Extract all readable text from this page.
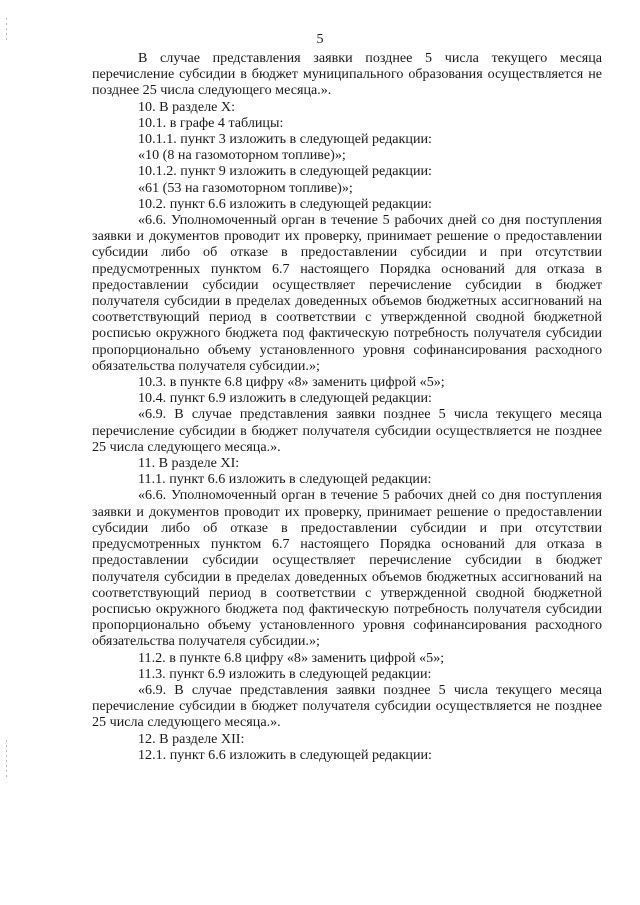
5

В случае представления заявки позднее 5 числа текущего месяца перечисление субсидии в бюджет муниципального образования осуществляется не позднее 25 числа следующего месяца.».

10. В разделе X:

10.1. в графе 4 таблицы:

10.1.1. пункт 3 изложить в следующей редакции:

«10 (8 на газомоторном топливе)»;

10.1.2. пункт 9 изложить в следующей редакции:

«61 (53 на газомоторном топливе)»;

10.2. пункт 6.6 изложить в следующей редакции:

«6.6. Уполномоченный орган в течение 5 рабочих дней со дня поступления заявки и документов проводит их проверку, принимает решение о предоставлении субсидии либо об отказе в предоставлении субсидии и при отсутствии предусмотренных пунктом 6.7 настоящего Порядка оснований для отказа в предоставлении субсидии осуществляет перечисление субсидии в бюджет получателя субсидии в пределах доведенных объемов бюджетных ассигнований на соответствующий период в соответствии с утвержденной сводной бюджетной росписью окружного бюджета под фактическую потребность получателя субсидии пропорционально объему установленного уровня софинансирования расходного обязательства получателя субсидии.»;

10.3. в пункте 6.8 цифру «8» заменить цифрой «5»;

10.4. пункт 6.9 изложить в следующей редакции:

«6.9. В случае представления заявки позднее 5 числа текущего месяца перечисление субсидии в бюджет получателя субсидии осуществляется не позднее 25 числа следующего месяца.».

11. В разделе XI:

11.1. пункт 6.6 изложить в следующей редакции:

«6.6. Уполномоченный орган в течение 5 рабочих дней со дня поступления заявки и документов проводит их проверку, принимает решение о предоставлении субсидии либо об отказе в предоставлении субсидии и при отсутствии предусмотренных пунктом 6.7 настоящего Порядка оснований для отказа в предоставлении субсидии осуществляет перечисление субсидии в бюджет получателя субсидии в пределах доведенных объемов бюджетных ассигнований на соответствующий период в соответствии с утвержденной сводной бюджетной росписью окружного бюджета под фактическую потребность получателя субсидии пропорционально объему установленного уровня софинансирования расходного обязательства получателя субсидии.»;

11.2. в пункте 6.8 цифру «8» заменить цифрой «5»;

11.3. пункт 6.9 изложить в следующей редакции:

«6.9. В случае представления заявки позднее 5 числа текущего месяца перечисление субсидии в бюджет получателя субсидии осуществляется не позднее 25 числа следующего месяца.».

12. В разделе XII:

12.1. пункт 6.6 изложить в следующей редакции:
